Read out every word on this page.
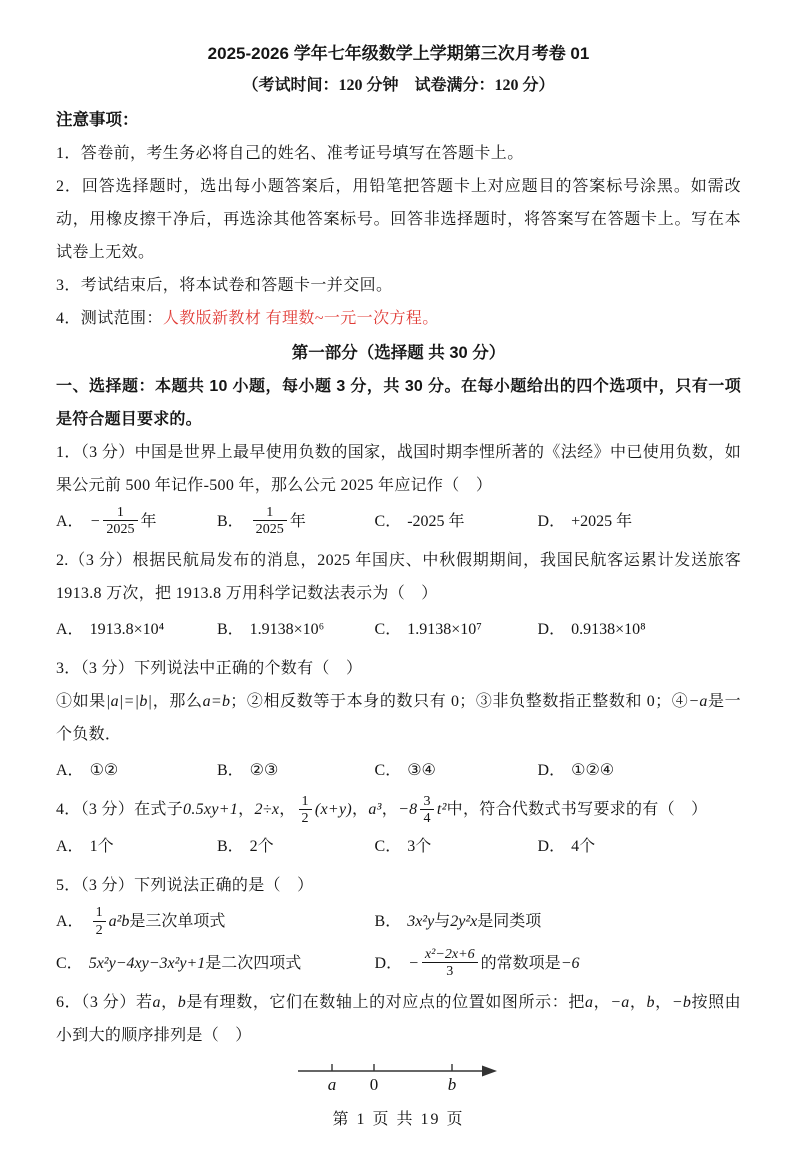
2025-2026 学年七年级数学上学期第三次月考卷 01
（考试时间：120 分钟　试卷满分：120 分）
注意事项：

1．答卷前，考生务必将自己的姓名、准考证号填写在答题卡上。

2．回答选择题时，选出每小题答案后，用铅笔把答题卡上对应题目的答案标号涂黑。如需改动，用橡皮擦干净后，再选涂其他答案标号。回答非选择题时，将答案写在答题卡上。写在本试卷上无效。

3．考试结束后，将本试卷和答题卡一并交回。

4．测试范围：人教版新教材 有理数~一元一次方程。

第一部分（选择题 共 30 分）

一、选择题：本题共 10 小题，每小题 3 分，共 30 分。在每小题给出的四个选项中，只有一项是符合题目要求的。

1．（3 分）中国是世界上最早使用负数的国家，战国时期李悝所著的《法经》中已使用负数，如果公元前 500 年记作-500 年，那么公元 2025 年应记作（　）

A． − $\frac{1}{2025}$ 年	B． $\frac{1}{2025}$ 年	C． -2025 年	D． +2025 年

2.（3 分）根据民航局发布的消息，2025 年国庆、中秋假期期间，我国民航客运累计发送旅客 1913.8 万次，把 1913.8 万用科学记数法表示为（　）

A． 1913.8×10⁴	B． 1.9138×10⁶	C． 1.9138×10⁷	D． 0.9138×10⁸

3．（3 分）下列说法中正确的个数有（　）

①如果|a|=|b|，那么a=b；②相反数等于本身的数只有 0；③非负整数指正整数和 0；④−a是一个负数．

A． ①②	B． ②③	C． ③④	D． ①②④

4．（3 分）在式子0.5xy+1，2÷x， $\frac{1}{2} (x+y)$，a³，$-8 \frac{3}{4} t^2$中，符合代数式书写要求的有（　）

A． 1个	B． 2个	C． 3个	D． 4个

5．（3 分）下列说法正确的是（　）

A． $\frac{1}{2} a^2b$ 是三次单项式	B． 3x²y 与 2y²x 是同类项
C． 5x²y−4xy−3x²y+1 是二次四项式	D． − $\frac{\text{x²−2x+6}}{3}$ 的常数项是 −6

6．（3 分）若a，b是有理数，它们在数轴上的对应点的位置如图所示：把a，−a，b，−b按照由小到大的顺序排列是（　）

a 0	b
第 1 页 共 19 页
